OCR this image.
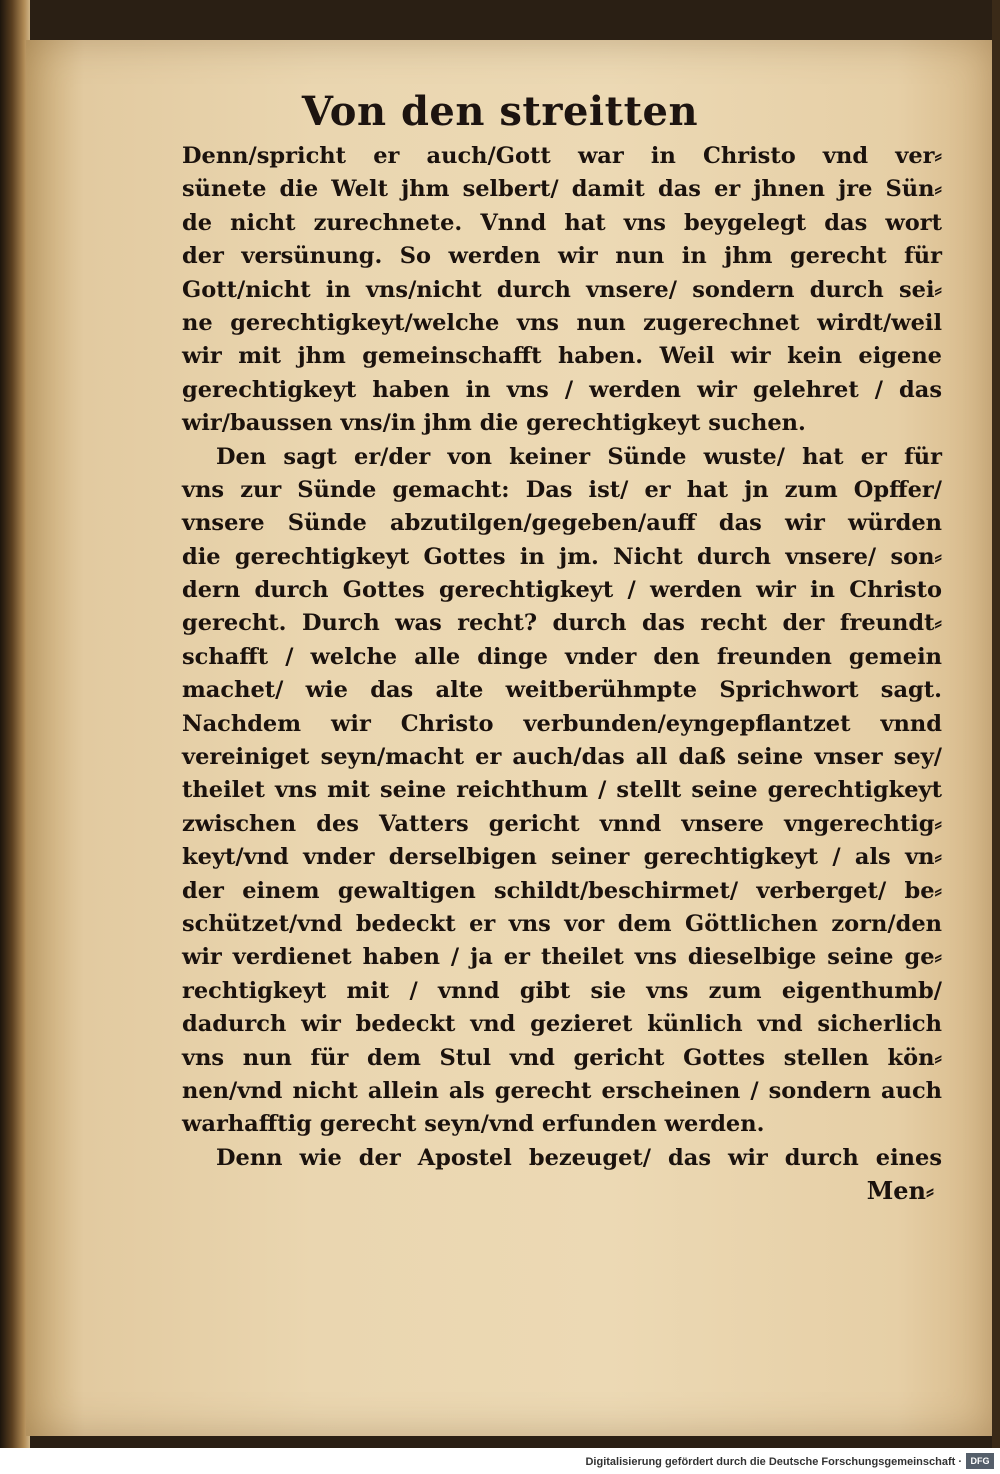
Von den streitten
Denn/spricht er auch/Gott war in Christo vnd ver⸗
sünete die Welt jhm selbert/ damit das er jhnen jre Sün⸗
de nicht zurechnete. Vnnd hat vns beygelegt das wort
der versünung. So werden wir nun in jhm gerecht für
Gott/nicht in vns/nicht durch vnsere/ sondern durch sei⸗
ne gerechtigkeyt/welche vns nun zugerechnet wirdt/weil
wir mit jhm gemeinschafft haben. Weil wir kein eigene
gerechtigkeyt haben in vns / werden wir gelehret / das
wir/baussen vns/in jhm die gerechtigkeyt suchen.
Den sagt er/der von keiner Sünde wuste/ hat er für
vns zur Sünde gemacht: Das ist/ er hat jn zum Opffer/
vnsere Sünde abzutilgen/gegeben/auff das wir würden
die gerechtigkeyt Gottes in jm. Nicht durch vnsere/ son⸗
dern durch Gottes gerechtigkeyt / werden wir in Christo
gerecht. Durch was recht? durch das recht der freundt⸗
schafft / welche alle dinge vnder den freunden gemein
machet/ wie das alte weitberühmpte Sprichwort sagt.
Nachdem wir Christo verbunden/eyngepflantzet vnnd
vereiniget seyn/macht er auch/das all daß seine vnser sey/
theilet vns mit seine reichthum / stellt seine gerechtigkeyt
zwischen des Vatters gericht vnnd vnsere vngerechtig⸗
keyt/vnd vnder derselbigen seiner gerechtigkeyt / als vn⸗
der einem gewaltigen schildt/beschirmet/ verberget/ be⸗
schützet/vnd bedeckt er vns vor dem Göttlichen zorn/den
wir verdienet haben / ja er theilet vns dieselbige seine ge⸗
rechtigkeyt mit / vnnd gibt sie vns zum eigenthumb/
dadurch wir bedeckt vnd gezieret künlich vnd sicherlich
vns nun für dem Stul vnd gericht Gottes stellen kön⸗
nen/vnd nicht allein als gerecht erscheinen / sondern auch
warhafftig gerecht seyn/vnd erfunden werden.
Denn wie der Apostel bezeuget/ das wir durch eines
Men⸗
Digitalisierung gefördert durch die Deutsche Forschungsgemeinschaft · DFG
